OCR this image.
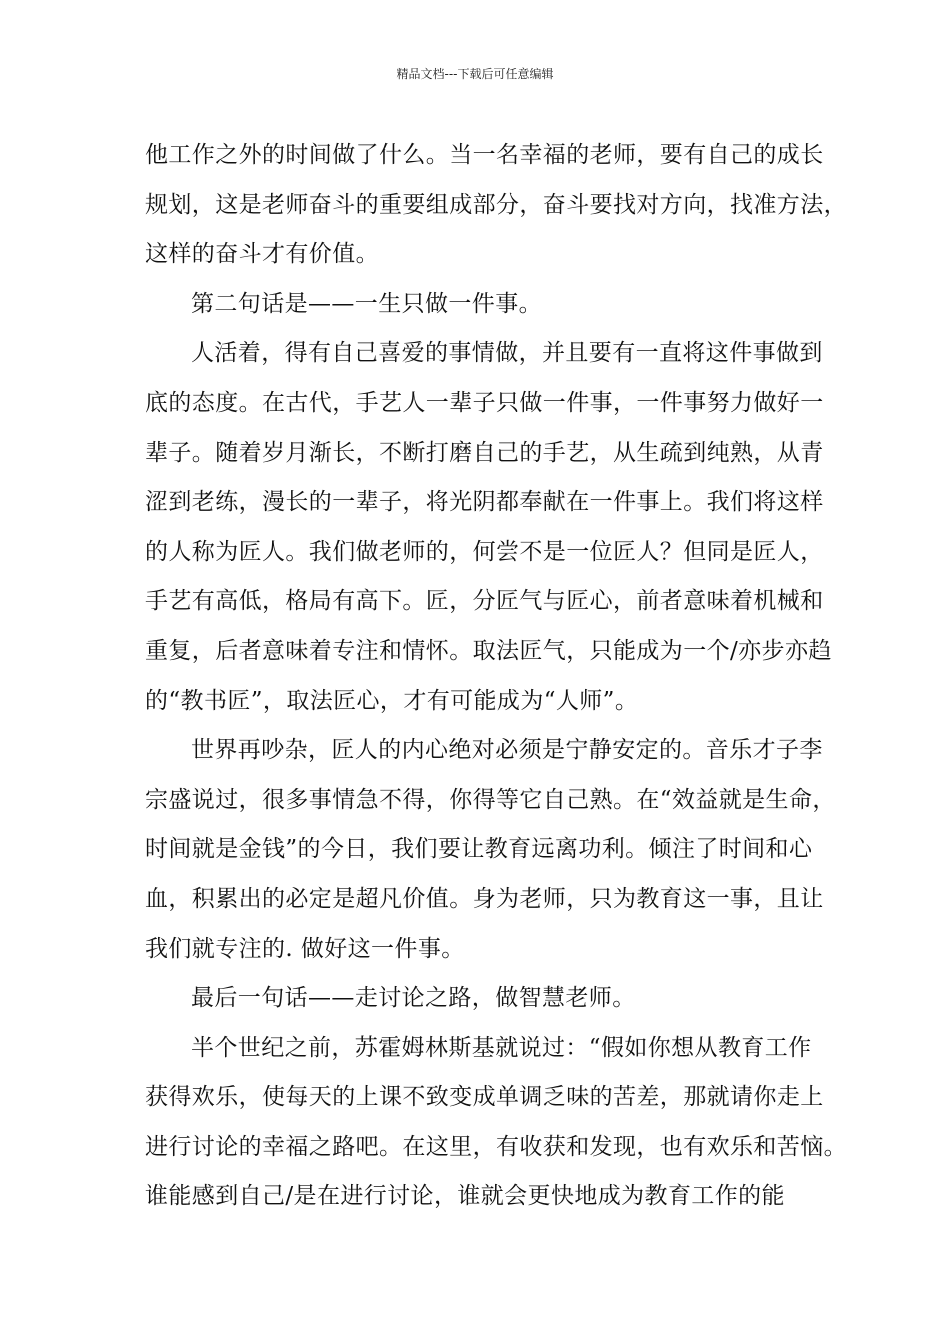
精品文档---下载后可任意编辑
他工作之外的时间做了什么。当一名幸福的老师，要有自己的成长
规划，这是老师奋斗的重要组成部分，奋斗要找对方向，找准方法，
这样的奋斗才有价值。
第二句话是——一生只做一件事。
人活着，得有自己喜爱的事情做，并且要有一直将这件事做到
底的态度。在古代，手艺人一辈子只做一件事，一件事努力做好一
辈子。随着岁月渐长，不断打磨自己的手艺，从生疏到纯熟，从青
涩到老练，漫长的一辈子，将光阴都奉献在一件事上。我们将这样
的人称为匠人。我们做老师的，何尝不是一位匠人？但同是匠人，
手艺有高低，格局有高下。匠，分匠气与匠心，前者意味着机械和
重复，后者意味着专注和情怀。取法匠气，只能成为一个/亦步亦趋
的“教书匠”，取法匠心，才有可能成为“人师”。
世界再吵杂，匠人的内心绝对必须是宁静安定的。音乐才子李
宗盛说过，很多事情急不得，你得等它自己熟。在“效益就是生命，
时间就是金钱”的今日，我们要让教育远离功利。倾注了时间和心
血，积累出的必定是超凡价值。身为老师，只为教育这一事，且让
我们就专注的. 做好这一件事。
最后一句话——走讨论之路，做智慧老师。
半个世纪之前，苏霍姆林斯基就说过：“假如你想从教育工作
获得欢乐，使每天的上课不致变成单调乏味的苦差，那就请你走上
进行讨论的幸福之路吧。在这里，有收获和发现，也有欢乐和苦恼。
谁能感到自己/是在进行讨论，谁就会更快地成为教育工作的能
